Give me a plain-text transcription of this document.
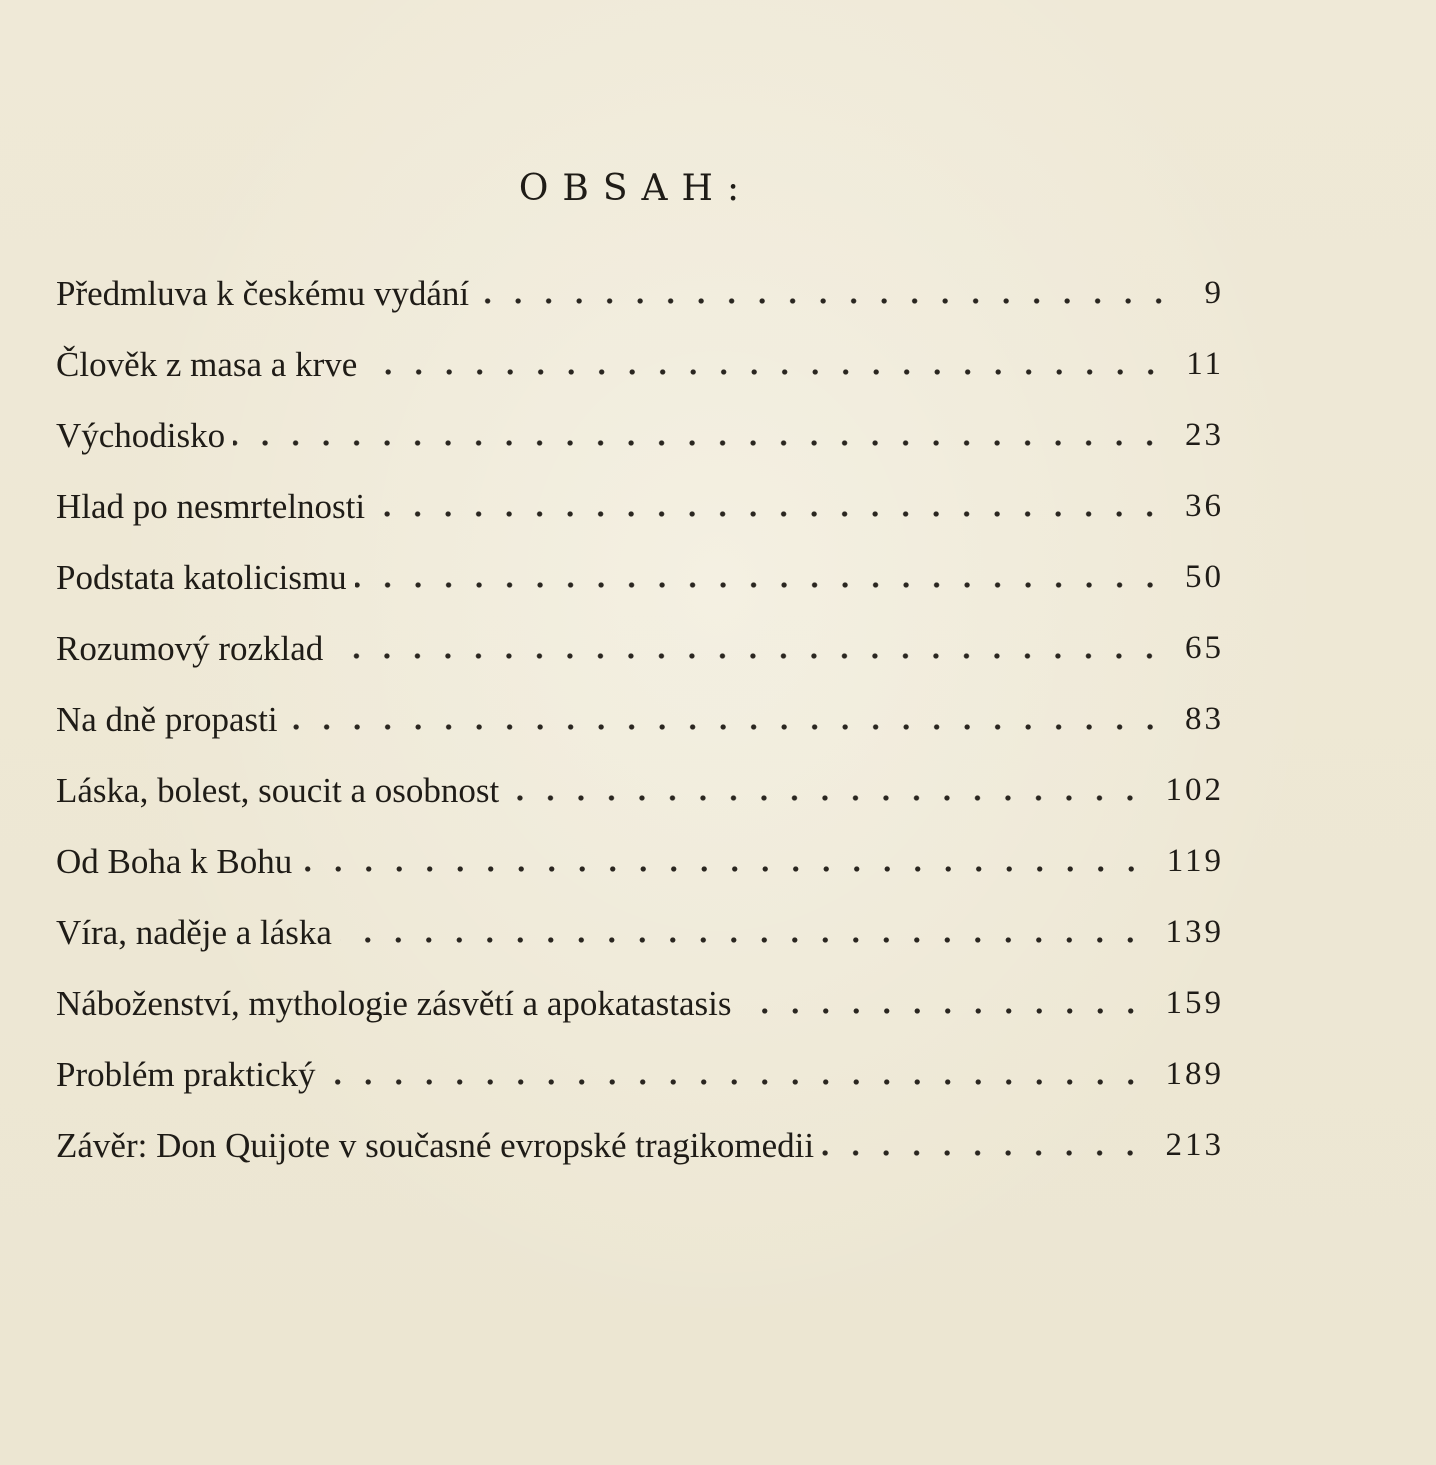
OBSAH:
Předmluva k českému vydání	9
Člověk z masa a krve	11
Východisko	23
Hlad po nesmrtelnosti	36
Podstata katolicismu	50
Rozumový rozklad	65
Na dně propasti	83
Láska, bolest, soucit a osobnost	102
Od Boha k Bohu	119
Víra, naděje a láska	139
Náboženství, mythologie zásvětí a apokatastasis	159
Problém praktický	189
Závěr: Don Quijote v současné evropské tragikomedii	213
